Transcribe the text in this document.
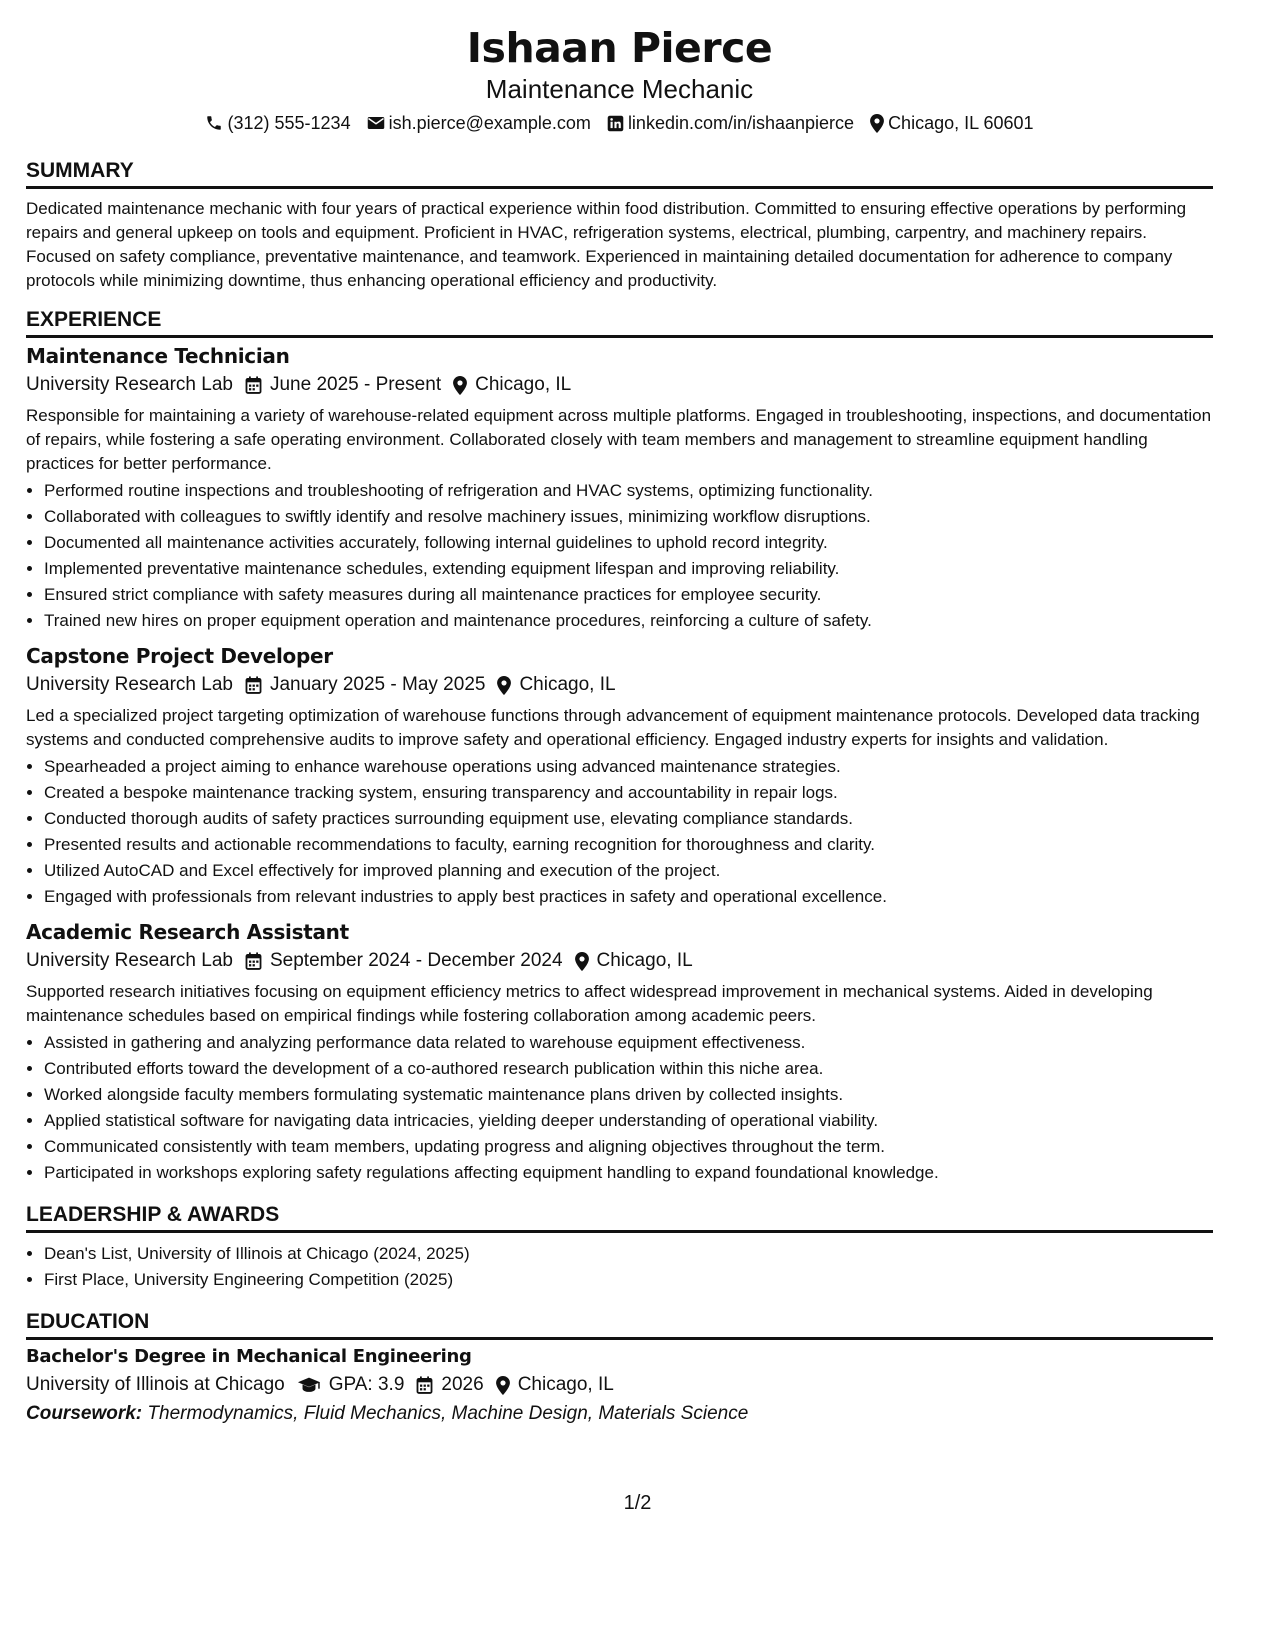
Ishaan Pierce
Maintenance Mechanic
(312) 555-1234 ish.pierce@example.com linkedin.com/in/ishaanpierce Chicago, IL 60601
SUMMARY

Dedicated maintenance mechanic with four years of practical experience within food distribution. Committed to ensuring effective operations by performing repairs and general upkeep on tools and equipment. Proficient in HVAC, refrigeration systems, electrical, plumbing, carpentry, and machinery repairs. Focused on safety compliance, preventative maintenance, and teamwork. Experienced in maintaining detailed documentation for adherence to company protocols while minimizing downtime, thus enhancing operational efficiency and productivity.

EXPERIENCE
Maintenance Technician
University Research Lab June 2025 - Present Chicago, IL

Responsible for maintaining a variety of warehouse-related equipment across multiple platforms. Engaged in troubleshooting, inspections, and documentation of repairs, while fostering a safe operating environment. Collaborated closely with team members and management to streamline equipment handling practices for better performance.

• Performed routine inspections and troubleshooting of refrigeration and HVAC systems, optimizing functionality.
• Collaborated with colleagues to swiftly identify and resolve machinery issues, minimizing workflow disruptions.
• Documented all maintenance activities accurately, following internal guidelines to uphold record integrity.
• Implemented preventative maintenance schedules, extending equipment lifespan and improving reliability.
• Ensured strict compliance with safety measures during all maintenance practices for employee security.
• Trained new hires on proper equipment operation and maintenance procedures, reinforcing a culture of safety.
Capstone Project Developer
University Research Lab January 2025 - May 2025 Chicago, IL

Led a specialized project targeting optimization of warehouse functions through advancement of equipment maintenance protocols. Developed data tracking systems and conducted comprehensive audits to improve safety and operational efficiency. Engaged industry experts for insights and validation.

• Spearheaded a project aiming to enhance warehouse operations using advanced maintenance strategies.
• Created a bespoke maintenance tracking system, ensuring transparency and accountability in repair logs.
• Conducted thorough audits of safety practices surrounding equipment use, elevating compliance standards.
• Presented results and actionable recommendations to faculty, earning recognition for thoroughness and clarity.
• Utilized AutoCAD and Excel effectively for improved planning and execution of the project.
• Engaged with professionals from relevant industries to apply best practices in safety and operational excellence.
Academic Research Assistant
University Research Lab September 2024 - December 2024 Chicago, IL

Supported research initiatives focusing on equipment efficiency metrics to affect widespread improvement in mechanical systems. Aided in developing maintenance schedules based on empirical findings while fostering collaboration among academic peers.

• Assisted in gathering and analyzing performance data related to warehouse equipment effectiveness.
• Contributed efforts toward the development of a co-authored research publication within this niche area.
• Worked alongside faculty members formulating systematic maintenance plans driven by collected insights.
• Applied statistical software for navigating data intricacies, yielding deeper understanding of operational viability.
• Communicated consistently with team members, updating progress and aligning objectives throughout the term.
• Participated in workshops exploring safety regulations affecting equipment handling to expand foundational knowledge.
LEADERSHIP & AWARDS
• Dean's List, University of Illinois at Chicago (2024, 2025)
• First Place, University Engineering Competition (2025)
EDUCATION
Bachelor's Degree in Mechanical Engineering
University of Illinois at Chicago GPA: 3.9 2026 Chicago, IL
Coursework: Thermodynamics, Fluid Mechanics, Machine Design, Materials Science
1/2
